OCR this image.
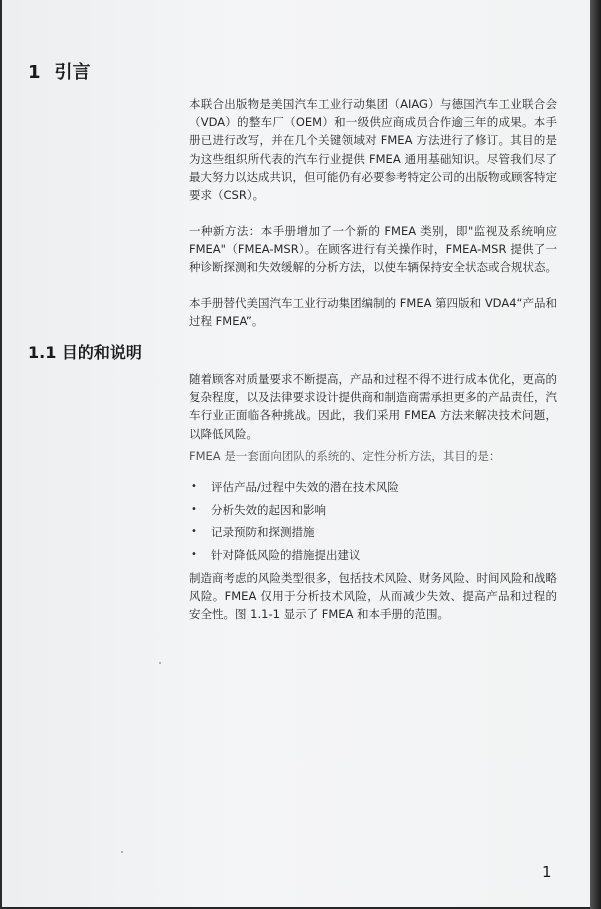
1 引言
本联合出版物是美国汽车工业行动集团（AIAG）与德国汽车工业联合会（VDA）的整车厂（OEM）和一级供应商成员合作逾三年的成果。本手册已进行改写，并在几个关键领域对 FMEA 方法进行了修订。其目的是为这些组织所代表的汽车行业提供 FMEA 通用基础知识。尽管我们尽了最大努力以达成共识，但可能仍有必要参考特定公司的出版物或顾客特定要求（CSR）。
一种新方法：本手册增加了一个新的 FMEA 类别，即"监视及系统响应 FMEA"（FMEA-MSR）。在顾客进行有关操作时，FMEA-MSR 提供了一种诊断探测和失效缓解的分析方法，以使车辆保持安全状态或合规状态。
本手册替代美国汽车工业行动集团编制的 FMEA 第四版和 VDA4“产品和过程 FMEA”。
1.1 目的和说明
随着顾客对质量要求不断提高，产品和过程不得不进行成本优化，更高的复杂程度，以及法律要求设计提供商和制造商需承担更多的产品责任，汽车行业正面临各种挑战。因此，我们采用 FMEA 方法来解决技术问题，以降低风险。
FMEA 是一套面向团队的系统的、定性分析方法，其目的是：
• 评估产品/过程中失效的潜在技术风险
• 分析失效的起因和影响
• 记录预防和探测措施
• 针对降低风险的措施提出建议
制造商考虑的风险类型很多，包括技术风险、财务风险、时间风险和战略风险。FMEA 仅用于分析技术风险，从而减少失效、提高产品和过程的安全性。图 1.1-1 显示了 FMEA 和本手册的范围。
1
